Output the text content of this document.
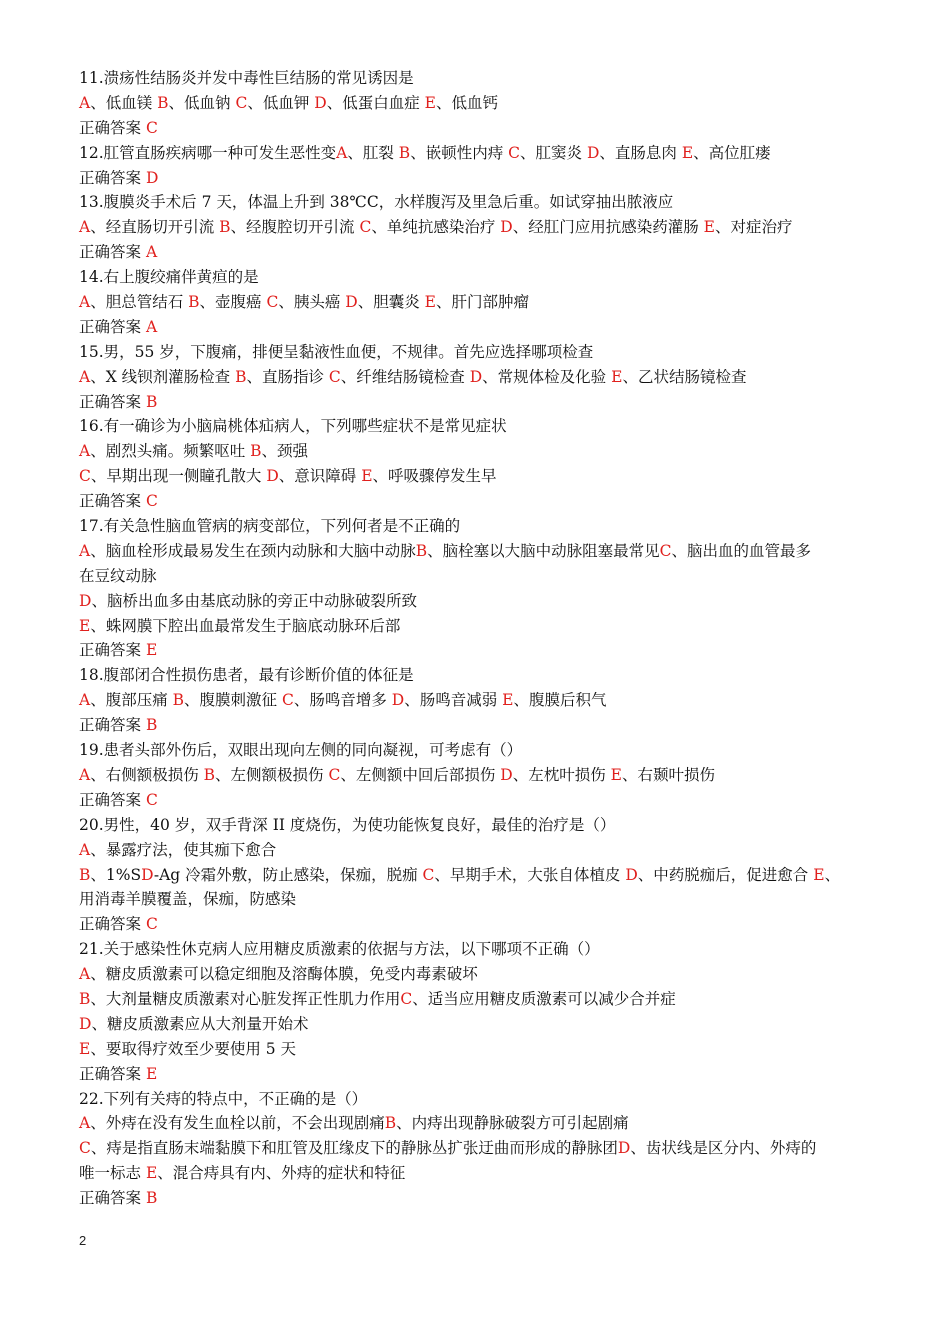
11.溃疡性结肠炎并发中毒性巨结肠的常见诱因是
A、低血镁 B、低血钠 C、低血钾 D、低蛋白血症 E、低血钙
正确答案 C
12.肛管直肠疾病哪一种可发生恶性变A、肛裂 B、嵌顿性内痔 C、肛窦炎 D、直肠息肉 E、高位肛瘘
正确答案 D
13.腹膜炎手术后 7 天，体温上升到 38℃C，水样腹泻及里急后重。如试穿抽出脓液应
A、经直肠切开引流 B、经腹腔切开引流 C、单纯抗感染治疗 D、经肛门应用抗感染药灌肠 E、对症治疗
正确答案 A
14.右上腹绞痛伴黄疸的是
A、胆总管结石 B、壶腹癌 C、胰头癌 D、胆囊炎 E、肝门部肿瘤
正确答案 A
15.男，55 岁，下腹痛，排便呈黏液性血便，不规律。首先应选择哪项检查
A、X 线钡剂灌肠检查 B、直肠指诊 C、纤维结肠镜检查 D、常规体检及化验 E、乙状结肠镜检查
正确答案 B
16.有一确诊为小脑扁桃体疝病人，下列哪些症状不是常见症状
A、剧烈头痛。频繁呕吐 B、颈强
C、早期出现一侧瞳孔散大 D、意识障碍 E、呼吸骤停发生早
正确答案 C
17.有关急性脑血管病的病变部位，下列何者是不正确的
A、脑血栓形成最易发生在颈内动脉和大脑中动脉B、脑栓塞以大脑中动脉阻塞最常见C、脑出血的血管最多
在豆纹动脉
D、脑桥出血多由基底动脉的旁正中动脉破裂所致
E、蛛网膜下腔出血最常发生于脑底动脉环后部
正确答案 E
18.腹部闭合性损伤患者，最有诊断价值的体征是
A、腹部压痛 B、腹膜刺激征 C、肠鸣音增多 D、肠鸣音减弱 E、腹膜后积气
正确答案 B
19.患者头部外伤后，双眼出现向左侧的同向凝视，可考虑有（）
A、右侧额极损伤 B、左侧额极损伤 C、左侧额中回后部损伤 D、左枕叶损伤 E、右颞叶损伤
正确答案 C
20.男性，40 岁，双手背深 II 度烧伤，为使功能恢复良好，最佳的治疗是（）
A、暴露疗法，使其痂下愈合
B、1%SD-Ag 冷霜外敷，防止感染，保痂，脱痂 C、早期手术，大张自体植皮 D、中药脱痂后，促进愈合 E、
用消毒羊膜覆盖，保痂，防感染
正确答案 C
21.关于感染性休克病人应用糖皮质激素的依据与方法，以下哪项不正确（）
A、糖皮质激素可以稳定细胞及溶酶体膜，免受内毒素破坏
B、大剂量糖皮质激素对心脏发挥正性肌力作用C、适当应用糖皮质激素可以减少合并症
D、糖皮质激素应从大剂量开始术
E、要取得疗效至少要使用 5 天
正确答案 E
22.下列有关痔的特点中，不正确的是（）
A、外痔在没有发生血栓以前，不会出现剧痛B、内痔出现静脉破裂方可引起剧痛
C、痔是指直肠末端黏膜下和肛管及肛缘皮下的静脉丛扩张迂曲而形成的静脉团D、齿状线是区分内、外痔的
唯一标志 E、混合痔具有内、外痔的症状和特征
正确答案 B
2
